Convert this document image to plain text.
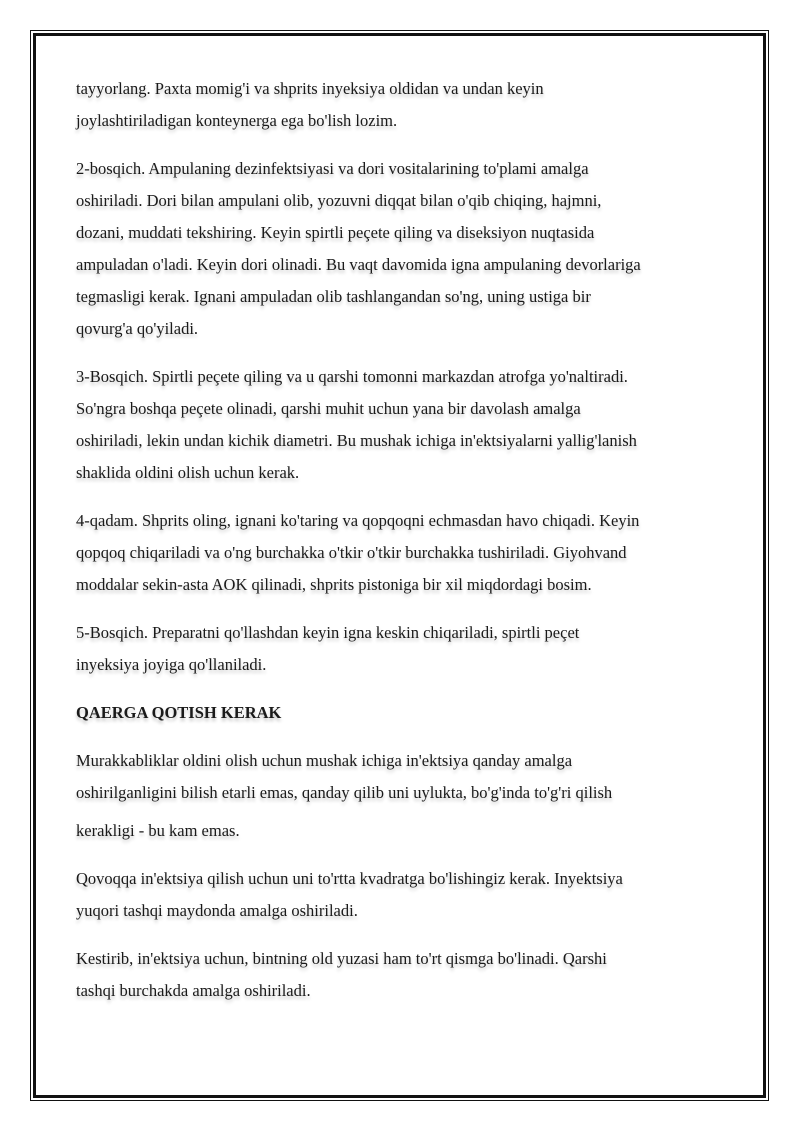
tayyorlang. Paxta momig'i va shprits inyeksiya oldidan va undan keyin
joylashtiriladigan konteynerga ega bo'lish lozim.

2-bosqich. Ampulaning dezinfektsiyasi va dori vositalarining to'plami amalga
oshiriladi. Dori bilan ampulani olib, yozuvni diqqat bilan o'qib chiqing, hajmni,
dozani, muddati tekshiring. Keyin spirtli peçete qiling va diseksiyon nuqtasida
ampuladan o'ladi. Keyin dori olinadi. Bu vaqt davomida igna ampulaning devorlariga
tegmasligi kerak. Ignani ampuladan olib tashlangandan so'ng, uning ustiga bir
qovurg'a qo'yiladi.

3-Bosqich. Spirtli peçete qiling va u qarshi tomonni markazdan atrofga yo'naltiradi.
So'ngra boshqa peçete olinadi, qarshi muhit uchun yana bir davolash amalga
oshiriladi, lekin undan kichik diametri. Bu mushak ichiga in'ektsiyalarni yallig'lanish
shaklida oldini olish uchun kerak.

4-qadam. Shprits oling, ignani ko'taring va qopqoqni echmasdan havo chiqadi. Keyin
qopqoq chiqariladi va o'ng burchakka o'tkir o'tkir burchakka tushiriladi. Giyohvand
moddalar sekin-asta AOK qilinadi, shprits pistoniga bir xil miqdordagi bosim.

5-Bosqich. Preparatni qo'llashdan keyin igna keskin chiqariladi, spirtli peçet
inyeksiya joyiga qo'llaniladi.

QAERGA QOTISH KERAK

Murakkabliklar oldini olish uchun mushak ichiga in'ektsiya qanday amalga
oshirilganligini bilish etarli emas, qanday qilib uni uylukta, bo'g'inda to'g'ri qilish

kerakligi - bu kam emas.

Qovoqqa in'ektsiya qilish uchun uni to'rtta kvadratga bo'lishingiz kerak. Inyektsiya
yuqori tashqi maydonda amalga oshiriladi.

Kestirib, in'ektsiya uchun, bintning old yuzasi ham to'rt qismga bo'linadi. Qarshi
tashqi burchakda amalga oshiriladi.
